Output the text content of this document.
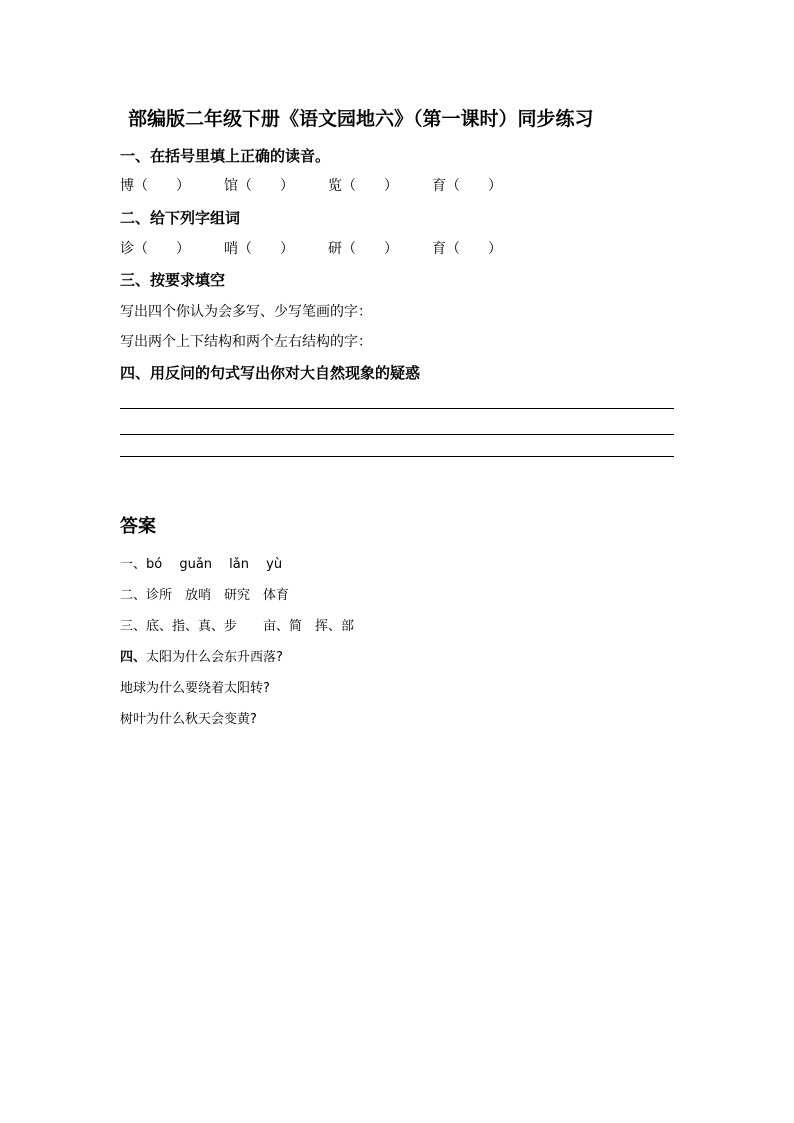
部编版二年级下册《语文园地六》（第一课时）同步练习
一、在括号里填上正确的读音。
博（　　） 馆（　　） 览（　　） 育（　　）
二、给下列字组词
诊（　　） 哨（　　） 研（　　） 育（　　）
三、按要求填空
写出四个你认为会多写、少写笔画的字：
写出两个上下结构和两个左右结构的字：
四、用反问的句式写出你对大自然现象的疑惑
答案
一、bó　 guǎn　 lǎn　 yù
二、诊所　放哨　研究　体育
三、底、指、真、步　　亩、简　挥、部
四、太阳为什么会东升西落?
地球为什么要绕着太阳转?
树叶为什么秋天会变黄?
